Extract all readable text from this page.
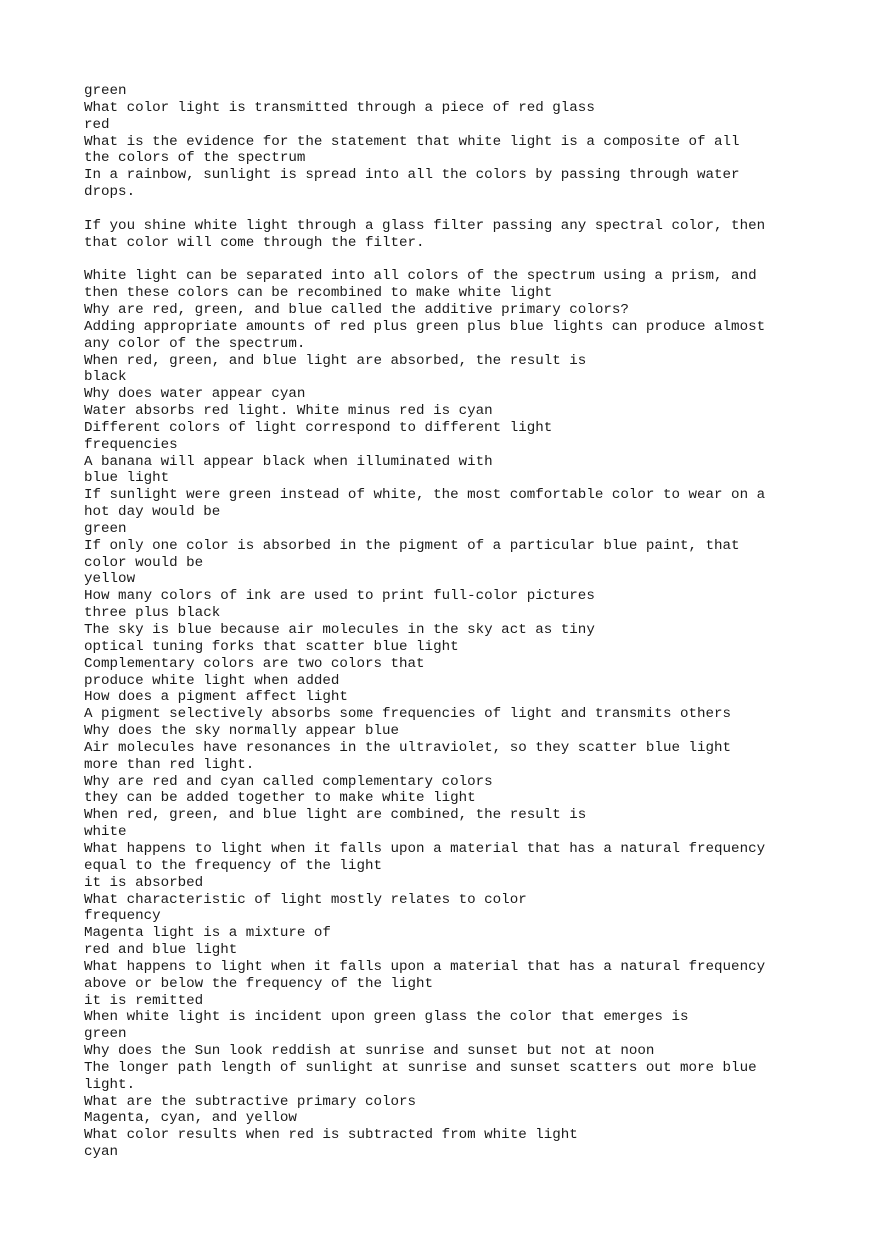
green
What color light is transmitted through a piece of red glass
red
What is the evidence for the statement that white light is a composite of all
the colors of the spectrum
In a rainbow, sunlight is spread into all the colors by passing through water
drops.
If you shine white light through a glass filter passing any spectral color, then
that color will come through the filter.
White light can be separated into all colors of the spectrum using a prism, and
then these colors can be recombined to make white light
Why are red, green, and blue called the additive primary colors?
Adding appropriate amounts of red plus green plus blue lights can produce almost
any color of the spectrum.
When red, green, and blue light are absorbed, the result is
black
Why does water appear cyan
Water absorbs red light. White minus red is cyan
Different colors of light correspond to different light
frequencies
A banana will appear black when illuminated with
blue light
If sunlight were green instead of white, the most comfortable color to wear on a
hot day would be
green
If only one color is absorbed in the pigment of a particular blue paint, that
color would be
yellow
How many colors of ink are used to print full-color pictures
three plus black
The sky is blue because air molecules in the sky act as tiny
optical tuning forks that scatter blue light
Complementary colors are two colors that
produce white light when added
How does a pigment affect light
A pigment selectively absorbs some frequencies of light and transmits others
Why does the sky normally appear blue
Air molecules have resonances in the ultraviolet, so they scatter blue light
more than red light.
Why are red and cyan called complementary colors
they can be added together to make white light
When red, green, and blue light are combined, the result is
white
What happens to light when it falls upon a material that has a natural frequency
equal to the frequency of the light
it is absorbed
What characteristic of light mostly relates to color
frequency
Magenta light is a mixture of
red and blue light
What happens to light when it falls upon a material that has a natural frequency
above or below the frequency of the light
it is remitted
When white light is incident upon green glass the color that emerges is
green
Why does the Sun look reddish at sunrise and sunset but not at noon
The longer path length of sunlight at sunrise and sunset scatters out more blue
light.
What are the subtractive primary colors
Magenta, cyan, and yellow
What color results when red is subtracted from white light
cyan
